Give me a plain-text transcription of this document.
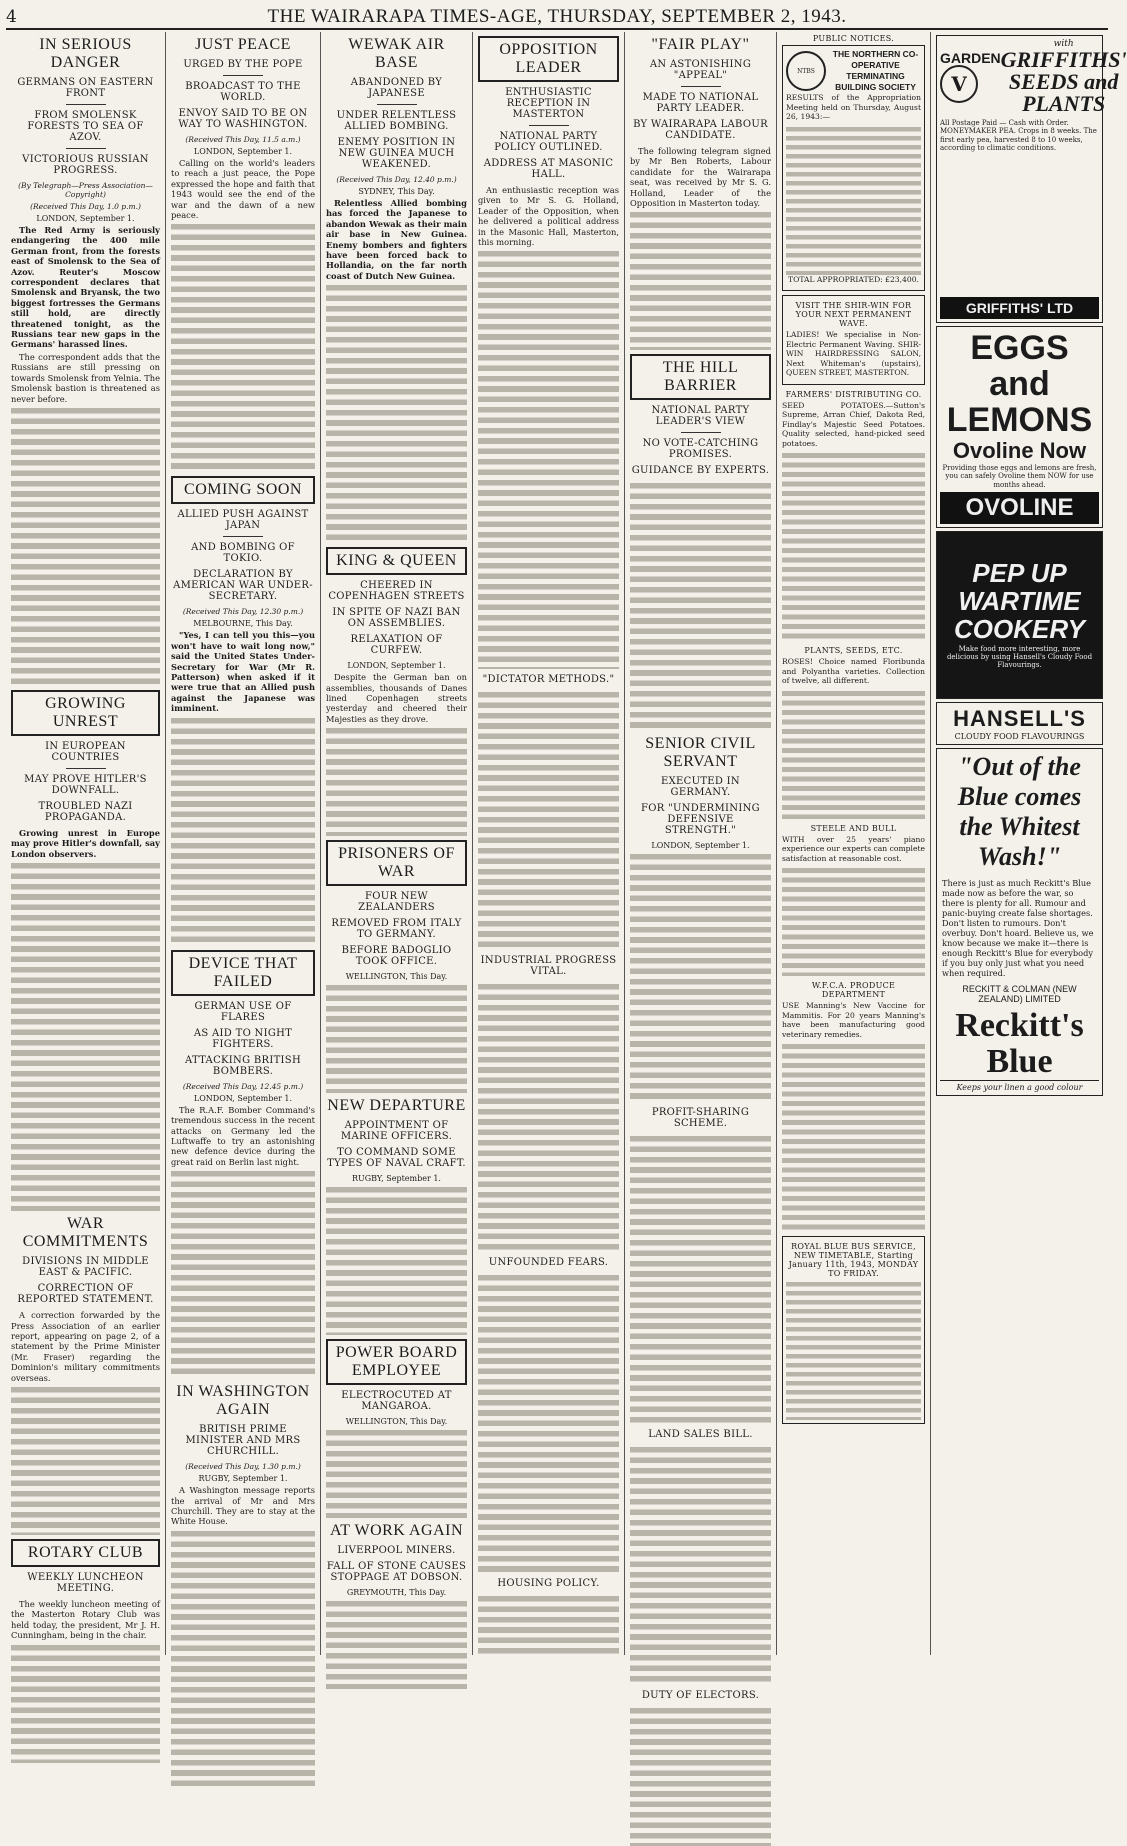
4	THE WAIRARAPA TIMES-AGE, THURSDAY, SEPTEMBER 2, 1943.
IN SERIOUS DANGER
GERMANS ON EASTERN FRONT
FROM SMOLENSK FORESTS TO SEA OF AZOV.
VICTORIOUS RUSSIAN PROGRESS.
(By Telegraph—Press Association—Copyright)
(Received This Day, 1.0 p.m.)
LONDON, September 1.

The Red Army is seriously endangering the 400 mile German front, from the forests east of Smolensk to the Sea of Azov. Reuter's Moscow correspondent declares that Smolensk and Bryansk, the two biggest fortresses the Germans still hold, are directly threatened tonight, as the Russians tear new gaps in the Germans' harassed lines.

The correspondent adds that the Russians are still pressing on towards Smolensk from Yelnia. The Smolensk bastion is threatened as never before.

GROWING UNREST
IN EUROPEAN COUNTRIES
MAY PROVE HITLER'S DOWNFALL.
TROUBLED NAZI PROPAGANDA.

Growing unrest in Europe may prove Hitler's downfall, say London observers.

WAR COMMITMENTS
DIVISIONS IN MIDDLE EAST & PACIFIC.
CORRECTION OF REPORTED STATEMENT.

A correction forwarded by the Press Association of an earlier report, appearing on page 2, of a statement by the Prime Minister (Mr. Fraser) regarding the Dominion's military commitments overseas.

ROTARY CLUB
WEEKLY LUNCHEON MEETING.

The weekly luncheon meeting of the Masterton Rotary Club was held today, the president, Mr J. H. Cunningham, being in the chair.

JUST PEACE
URGED BY THE POPE
BROADCAST TO THE WORLD.
ENVOY SAID TO BE ON WAY TO WASHINGTON.
(Received This Day, 11.5 a.m.)
LONDON, September 1.

Calling on the world's leaders to reach a just peace, the Pope expressed the hope and faith that 1943 would see the end of the war and the dawn of a new peace.

COMING SOON
ALLIED PUSH AGAINST JAPAN
AND BOMBING OF TOKIO.
DECLARATION BY AMERICAN WAR UNDER-SECRETARY.
(Received This Day, 12.30 p.m.)
MELBOURNE, This Day.

"Yes, I can tell you this—you won't have to wait long now," said the United States Under-Secretary for War (Mr R. Patterson) when asked if it were true that an Allied push against the Japanese was imminent.

DEVICE THAT FAILED
GERMAN USE OF FLARES
AS AID TO NIGHT FIGHTERS.
ATTACKING BRITISH BOMBERS.
(Received This Day, 12.45 p.m.)
LONDON, September 1.

The R.A.F. Bomber Command's tremendous success in the recent attacks on Germany led the Luftwaffe to try an astonishing new defence device during the great raid on Berlin last night.

IN WASHINGTON AGAIN
BRITISH PRIME MINISTER AND MRS CHURCHILL.
(Received This Day, 1.30 p.m.)
RUGBY, September 1.

A Washington message reports the arrival of Mr and Mrs Churchill. They are to stay at the White House.

WEWAK AIR BASE
ABANDONED BY JAPANESE
UNDER RELENTLESS ALLIED BOMBING.
ENEMY POSITION IN NEW GUINEA MUCH WEAKENED.
(Received This Day, 12.40 p.m.)
SYDNEY, This Day.

Relentless Allied bombing has forced the Japanese to abandon Wewak as their main air base in New Guinea. Enemy bombers and fighters have been forced back to Hollandia, on the far north coast of Dutch New Guinea.

KING & QUEEN
CHEERED IN COPENHAGEN STREETS
IN SPITE OF NAZI BAN ON ASSEMBLIES.
RELAXATION OF CURFEW.
LONDON, September 1.

Despite the German ban on assemblies, thousands of Danes lined Copenhagen streets yesterday and cheered their Majesties as they drove.

PRISONERS OF WAR
FOUR NEW ZEALANDERS
REMOVED FROM ITALY TO GERMANY.
BEFORE BADOGLIO TOOK OFFICE.
WELLINGTON, This Day.
NEW DEPARTURE
APPOINTMENT OF MARINE OFFICERS.
TO COMMAND SOME TYPES OF NAVAL CRAFT.
RUGBY, September 1.
POWER BOARD EMPLOYEE
ELECTROCUTED AT MANGAROA.
WELLINGTON, This Day.
AT WORK AGAIN
LIVERPOOL MINERS.
FALL OF STONE CAUSES STOPPAGE AT DOBSON.
GREYMOUTH, This Day.
OPPOSITION LEADER
ENTHUSIASTIC RECEPTION IN MASTERTON
NATIONAL PARTY POLICY OUTLINED.
ADDRESS AT MASONIC HALL.

An enthusiastic reception was given to Mr S. G. Holland, Leader of the Opposition, when he delivered a political address in the Masonic Hall, Masterton, this morning.

"DICTATOR METHODS."
INDUSTRIAL PROGRESS VITAL.
UNFOUNDED FEARS.
HOUSING POLICY.
"FAIR PLAY"
AN ASTONISHING "APPEAL"
MADE TO NATIONAL PARTY LEADER.
BY WAIRARAPA LABOUR CANDIDATE.

The following telegram signed by Mr Ben Roberts, Labour candidate for the Wairarapa seat, was received by Mr S. G. Holland, Leader of the Opposition in Masterton today.

THE HILL BARRIER
NATIONAL PARTY LEADER'S VIEW
NO VOTE-CATCHING PROMISES.
GUIDANCE BY EXPERTS.
SENIOR CIVIL SERVANT
EXECUTED IN GERMANY.
FOR "UNDERMINING DEFENSIVE STRENGTH."
LONDON, September 1.
PROFIT-SHARING SCHEME.
LAND SALES BILL.
DUTY OF ELECTORS.
PUBLIC NOTICES.
NTBS
THE NORTHERN CO-OPERATIVE TERMINATING BUILDING SOCIETY
RESULTS of the Appropriation Meeting held on Thursday, August 26, 1943:—
TOTAL APPROPRIATED: £23,400.
VISIT THE SHIR-WIN FOR YOUR NEXT PERMANENT WAVE.
LADIES! We specialise in Non-Electric Permanent Waving. SHIR-WIN HAIRDRESSING SALON, Next Whiteman's (upstairs), QUEEN STREET, MASTERTON.
FARMERS' DISTRIBUTING CO.
SEED POTATOES.—Sutton's Supreme, Arran Chief, Dakota Red, Findlay's Majestic Seed Potatoes. Quality selected, hand-picked seed potatoes.
PLANTS, SEEDS, ETC.
ROSES! Choice named Floribunda and Polyantha varieties. Collection of twelve, all different.
STEELE AND BULL
WITH over 25 years' piano experience our experts can complete satisfaction at reasonable cost.
W.F.C.A. PRODUCE DEPARTMENT
USE Manning's New Vaccine for Mammitis. For 20 years Manning's have been manufacturing good veterinary remedies.
ROYAL BLUE BUS SERVICE, NEW TIMETABLE, Starting January 11th, 1943, MONDAY TO FRIDAY.
GARDEN
V
with
GRIFFITHS' SEEDS and PLANTS
All Postage Paid — Cash with Order. MONEYMAKER PEA. Crops in 8 weeks. The first early pea, harvested 8 to 10 weeks, according to climatic conditions.
GRIFFITHS' LTD
EGGS and LEMONS
Ovoline Now
Providing those eggs and lemons are fresh, you can safely Ovoline them NOW for use months ahead.
OVOLINE
PEP UP WARTIME COOKERY
Make food more interesting, more delicious by using Hansell's Cloudy Food Flavourings.
HANSELL'S
CLOUDY FOOD FLAVOURINGS
"Out of the Blue comes the Whitest Wash!"
There is just as much Reckitt's Blue made now as before the war, so there is plenty for all. Rumour and panic-buying create false shortages. Don't listen to rumours. Don't overbuy. Don't hoard. Believe us, we know because we make it—there is enough Reckitt's Blue for everybody if you buy only just what you need when required.
RECKITT & COLMAN (NEW ZEALAND) LIMITED
Reckitt's Blue
Keeps your linen a good colour
